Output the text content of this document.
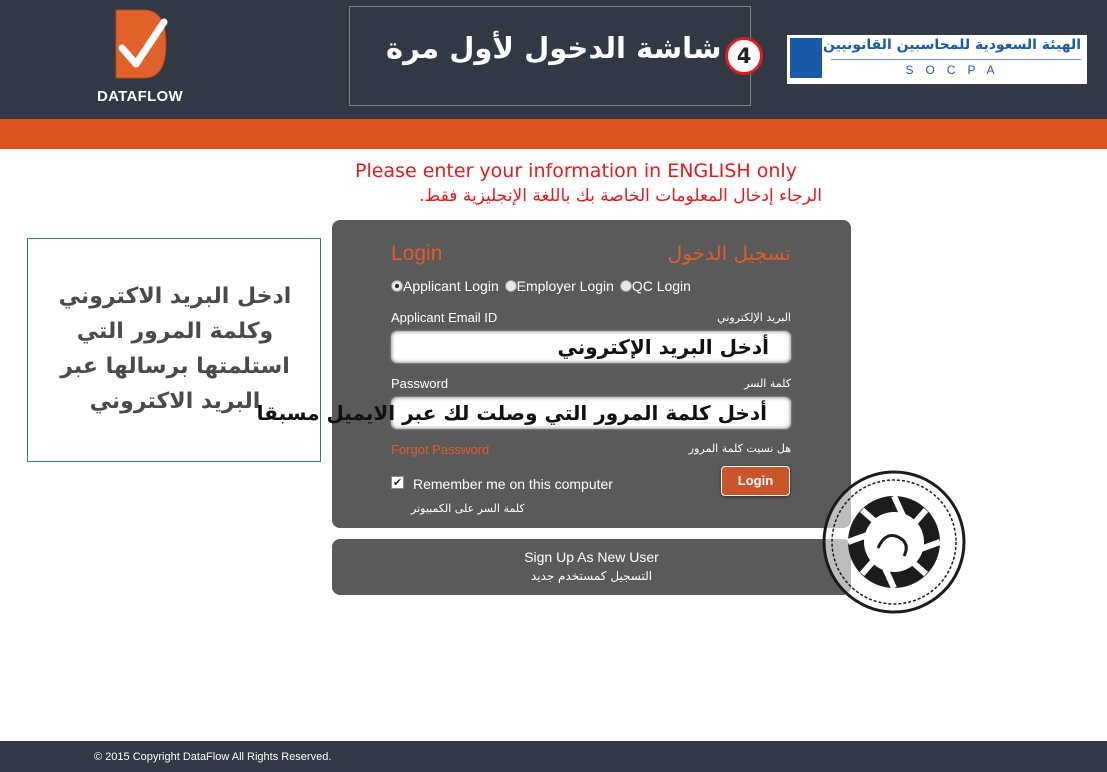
DATAFLOW
شاشة الدخول لأول مرة 4	الهيئة السعودية للمحاسبين القانونيين
SOCPA
Please enter your information in ENGLISH only
الرجاء إدخال المعلومات الخاصة بك باللغة الإنجليزية فقط.
ادخل البريد الاكتروني وكلمة المرور التي استلمتها برسالها عبر البريد الاكتروني
Login	تسجيل الدخول
Applicant Login Employer Login QC Login
Applicant Email ID	البريد الإلكتروني
أدخل البريد الإكتروني
Password	كلمة السر
أدخل كلمة المرور التي وصلت لك عبر الايميل مسبقا
Forgot Password	هل نسيت كلمة المرور
✔ Remember me on this computer
كلمة السر على الكمبيوتر
Login
Sign Up As New User
التسجيل كمستخدم جديد
© 2015 Copyright DataFlow All Rights Reserved.
